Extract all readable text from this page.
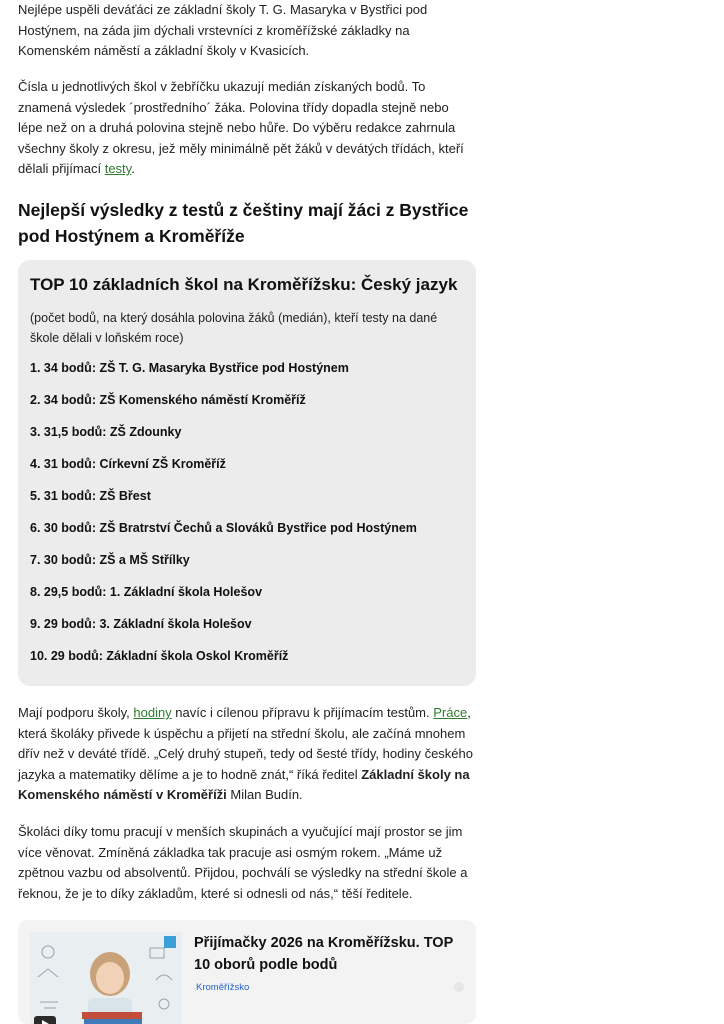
Nejlépe uspěli deváťáci ze základní školy T. G. Masaryka v Bystřici pod Hostýnem, na záda jim dýchali vrstevníci z kroměřížské základky na Komenském náměstí a základní školy v Kvasicích.

Čísla u jednotlivých škol v žebříčku ukazují medián získaných bodů. To znamená výsledek ´prostředního´ žáka. Polovina třídy dopadla stejně nebo lépe než on a druhá polovina stejně nebo hůře. Do výběru redakce zahrnula všechny školy z okresu, jež měly minimálně pět žáků v devátých třídách, kteří dělali přijímací testy.

Nejlepší výsledky z testů z češtiny mají žáci z Bystřice pod Hostýnem a Kroměříže
TOP 10 základních škol na Kroměřížsku: Český jazyk

(počet bodů, na který dosáhla polovina žáků (medián), kteří testy na dané škole dělali v loňském roce)

1. 34 bodů: ZŠ T. G. Masaryka Bystřice pod Hostýnem
2. 34 bodů: ZŠ Komenského náměstí Kroměříž
3. 31,5 bodů: ZŠ Zdounky
4. 31 bodů: Církevní ZŠ Kroměříž
5. 31 bodů: ZŠ Břest
6. 30 bodů: ZŠ Bratrství Čechů a Slováků Bystřice pod Hostýnem
7. 30 bodů: ZŠ a MŠ Střílky
8. 29,5 bodů: 1. Základní škola Holešov
9. 29 bodů: 3. Základní škola Holešov
10. 29 bodů: Základní škola Oskol Kroměříž

Mají podporu školy, hodiny navíc i cílenou přípravu k přijímacím testům. Práce, která školáky přivede k úspěchu a přijetí na střední školu, ale začíná mnohem dřív než v deváté třídě. „Celý druhý stupeň, tedy od šesté třídy, hodiny českého jazyka a matematiky dělíme a je to hodně znát,“ říká ředitel Základní školy na Komenského náměstí v Kroměříži Milan Budín.

Školáci díky tomu pracují v menších skupinách a vyučující mají prostor se jim více věnovat. Zmíněná základka tak pracuje asi osmým rokem. „Máme už zpětnou vazbu od absolventů. Přijdou, pochválí se výsledky na střední škole a řeknou, že je to díky základům, které si odnesli od nás,“ těší ředitele.

Přijímačky 2026 na Kroměřížsku. TOP 10 oborů podle bodů
Kroměřížsko
